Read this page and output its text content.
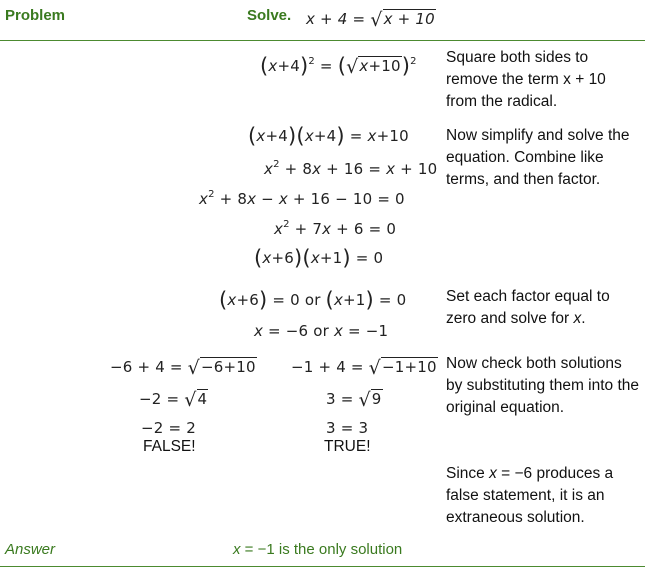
Problem	Solve. x + 4 = √x + 10
$(x+4)^2 = (√x+10)^2$ Square both sides to remove the term x + 10 from the radical.
(x+4)(x+4) = x+10
$x^2 + 8x + 16 = x + 10$
$x^2 + 8x - x + 16 - 10 = 0$
$x^2 + 7x + 6 = 0$
(x+6)(x+1) = 0
Now simplify and solve the equation. Combine like terms, and then factor.
(x+6) = 0 or (x+1) = 0
x = −6 or x = −1
Set each factor equal to zero and solve for x.
−6 + 4 = √−6+10
−2 = √4
−2 = 2
FALSE!
−1 + 4 = √−1+10
3 = √9
3 = 3
TRUE!
Now check both solutions by substituting them into the original equation.
Since x = −6 produces a false statement, it is an extraneous solution.
Answer	x = −1 is the only solution
